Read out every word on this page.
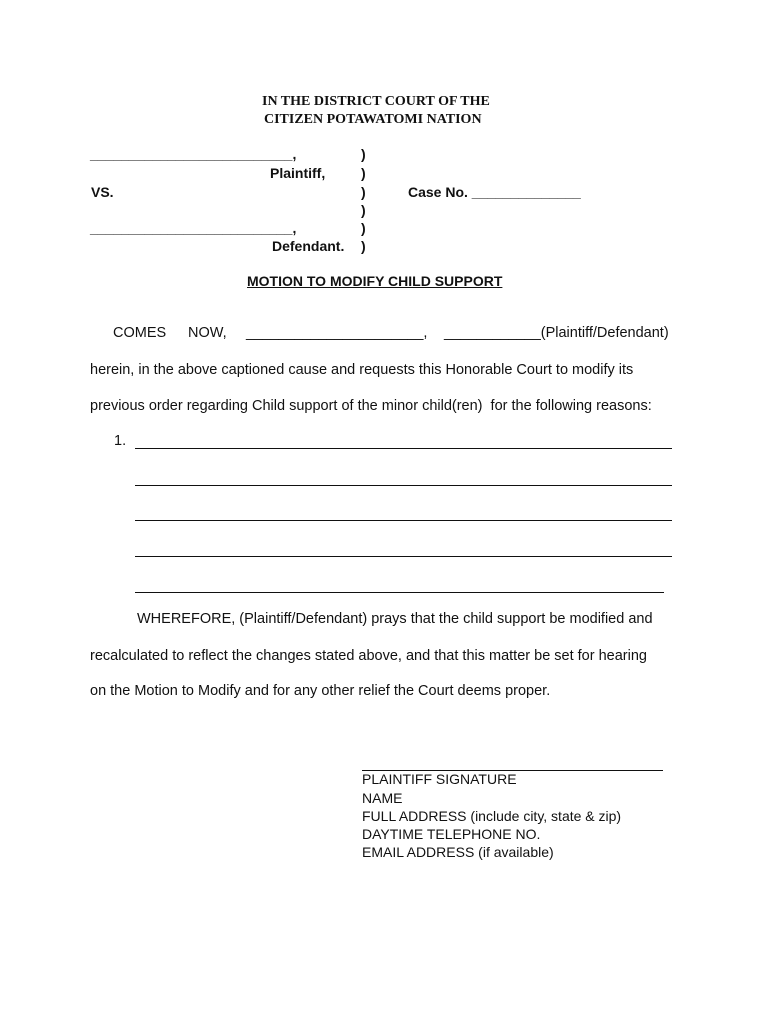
IN THE DISTRICT COURT OF THE
CITIZEN POTAWATOMI NATION
__________________________,
Plaintiff,
VS.	Case No. ______________
__________________________,
Defendant.
)
)
)
)
)
)
MOTION TO MODIFY CHILD SUPPORT
COMES NOW, ______________________, ____________(Plaintiff/Defendant)
herein, in the above captioned cause and requests this Honorable Court to modify its
previous order regarding Child support of the minor child(ren)  for the following reasons:
1.
WHEREFORE, (Plaintiff/Defendant) prays that the child support be modified and
recalculated to reflect the changes stated above, and that this matter be set for hearing
on the Motion to Modify and for any other relief the Court deems proper.
PLAINTIFF SIGNATURE
NAME
FULL ADDRESS (include city, state & zip)
DAYTIME TELEPHONE NO.
EMAIL ADDRESS (if available)
